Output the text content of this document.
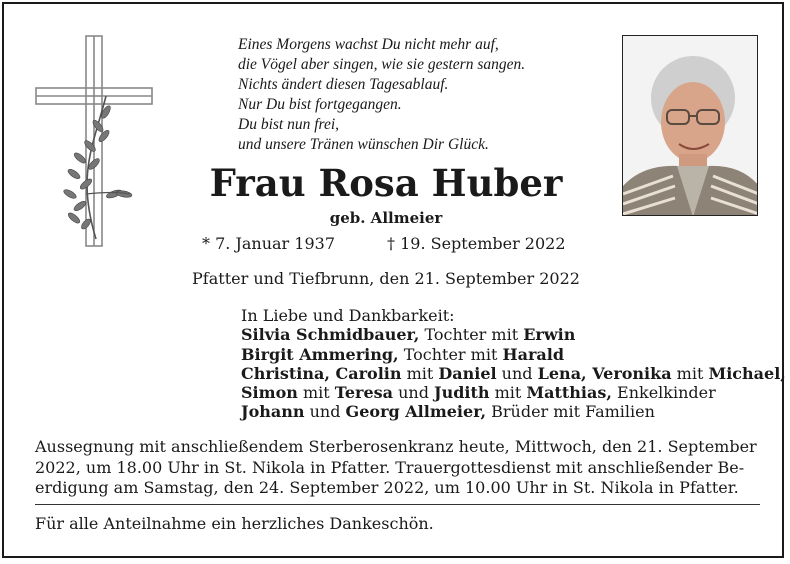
Eines Morgens wachst Du nicht mehr auf,
die Vögel aber singen, wie sie gestern sangen.
Nichts ändert diesen Tagesablauf.
Nur Du bist fortgegangen.
Du bist nun frei,
und unsere Tränen wünschen Dir Glück.
Frau Rosa Huber
geb. Allmeier
* 7. Januar 1937	† 19. September 2022
Pfatter und Tiefbrunn, den 21. September 2022
In Liebe und Dankbarkeit:
Silvia Schmidbauer, Tochter mit Erwin
Birgit Ammering, Tochter mit Harald
Christina, Carolin mit Daniel und Lena, Veronika mit Michael,
Simon mit Teresa und Judith mit Matthias, Enkelkinder
Johann und Georg Allmeier, Brüder mit Familien
Aussegnung mit anschließendem Sterberosenkranz heute, Mittwoch, den 21. September
2022, um 18.00 Uhr in St. Nikola in Pfatter. Trauergottesdienst mit anschließender Be-
erdigung am Samstag, den 24. September 2022, um 10.00 Uhr in St. Nikola in Pfatter.
Für alle Anteilnahme ein herzliches Dankeschön.
